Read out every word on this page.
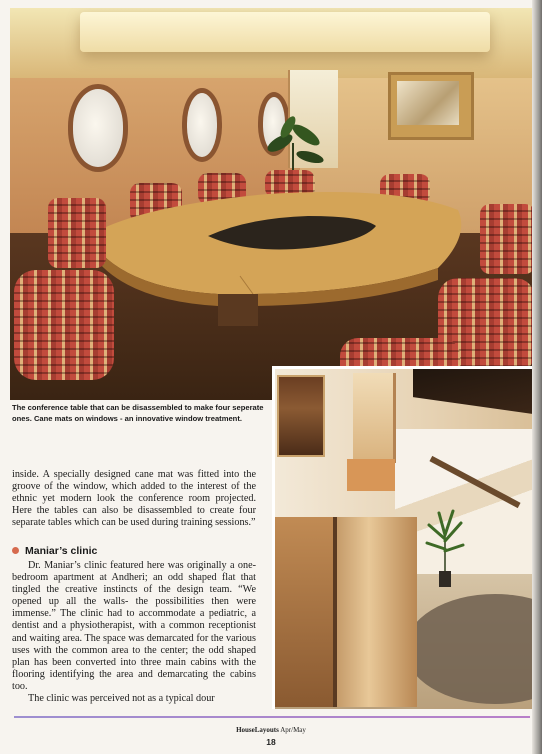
The conference table that can be disassembled to make four seperate ones. Cane mats on windows - an innovative window treatment.

inside. A specially designed cane mat was fitted into the groove of the window, which added to the interest of the ethnic yet modern look the conference room projected. Here the tables can also be disassembled to create four separate tables which can be used during training sessions.”

Maniar’s clinic

Dr. Maniar’s clinic featured here was originally a one-bedroom apartment at Andheri; an odd shaped flat that tingled the creative instincts of the design team. “We opened up all the walls- the possibilities then were immense.” The clinic had to accommodate a pediatric, a dentist and a physiotherapist, with a common receptionist and waiting area. The space was demarcated for the various uses with the common area to the center; the odd shaped plan has been converted into three main cabins with the flooring identifying the area and demarcating the cabins too.

The clinic was perceived not as a typical dour

HouseLayouts Apr/May
18
